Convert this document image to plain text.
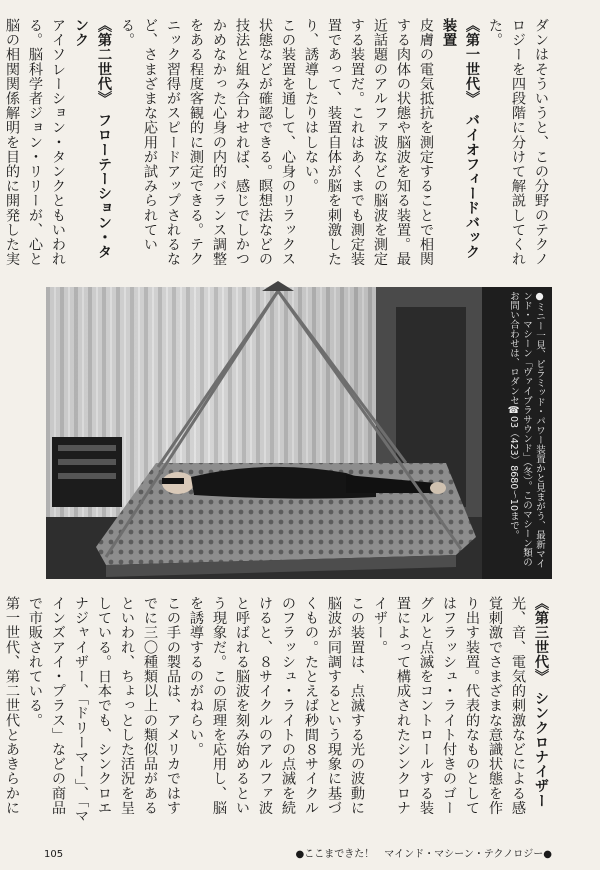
ダンはそういうと、この分野のテクノロジーを四段階に分けて解説してくれた。

《第一世代》　バイオフィードバック装置

皮膚の電気抵抗を測定することで相関する肉体の状態や脳波を知る装置。最近話題のアルファ波などの脳波を測定する装置だ。これはあくまでも測定装置であって、装置自体が脳を刺激したり、誘導したりはしない。

この装置を通して、心身のリラックス状態などが確認できる。瞑想法などの技法と組み合わせれば、感じでしかつかめなかった心身の内的バランス調整をある程度客観的に測定できる。テクニック習得がスピードアップされるなど、さまざまな応用が試みられている。

《第二世代》　フローテーション・タンク

アイソレーション・タンクともいわれる。脳科学者ジョン・リリーが、心と脳の相関関係解明を目的に開発した実

●ミニー一見、ピラミッド・パワー装置かと見まがう、最新マインド・マシーン「ヴァイブラサウンド」（冬）。このマシーン類のお問い合わせは、ロダンセ☎03（423）8680〜10まで。

《第三世代》　シンクロナイザー

光、音、電気的刺激などによる感覚刺激でさまざまな意識状態を作り出す装置。代表的なものとしてはフラッシュ・ライト付きのゴーグルと点滅をコントロールする装置によって構成されたシンクロナイザー。

この装置は、点滅する光の波動に脳波が同調するという現象に基づくもの。たとえば秒間８サイクルのフラッシュ・ライトの点滅を続けると、８サイクルのアルファ波と呼ばれる脳波を刻み始めるという現象だ。この原理を応用し、脳を誘導するのがねらい。

この手の製品は、アメリカではすでに三〇種類以上の類似品があるといわれ、ちょっとした活況を呈している。日本でも、シンクロエナジャイザー、「ドリーマー」、「マインズアイ・プラス」などの商品で市販されている。

第一世代、第二世代とあきらかに

105	●ここまできた！　マインド・マシーン・テクノロジー●
